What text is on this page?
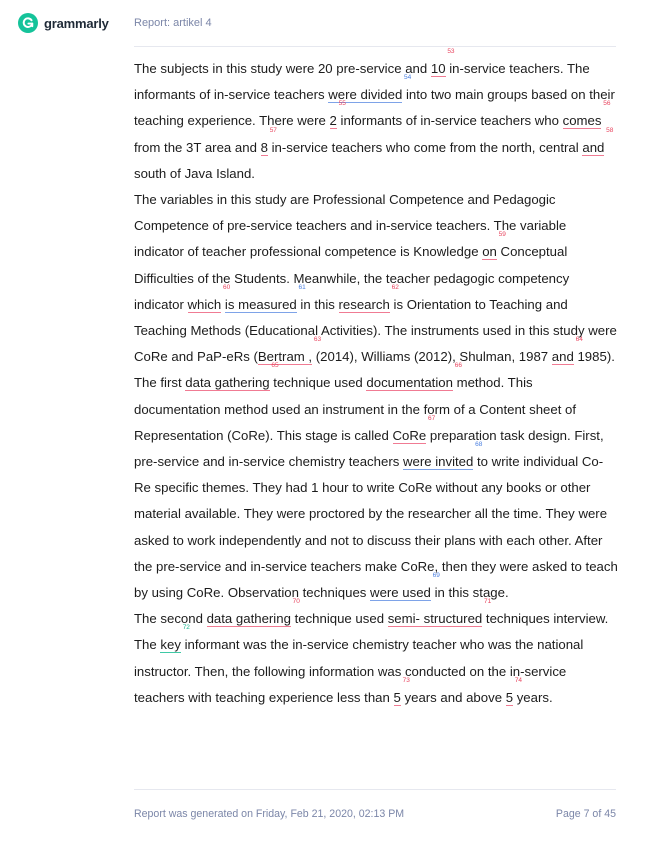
grammarly Report: artikel 4

The subjects in this study were 20 pre-service and 10
53
in-service teachers. The informants of in-service teachers were divided
54
into two main groups based on their teaching experience. There were 2
55
informants of in-service teachers who comes
56
from the 3T area and 8
57
in-service teachers who come from the north, central and
58
south of Java Island.

The variables in this study are Professional Competence and Pedagogic Competence of pre-service teachers and in-service teachers. The variable indicator of teacher professional competence is Knowledge on
59
Conceptual Difficulties of the Students. Meanwhile, the teacher pedagogic competency indicator which
60
is measured
61
in this research
62
is Orientation to Teaching and Teaching Methods (Educational Activities). The instruments used in this study were CoRe and PaP-eRs (Bertram ,
63
(2014), Williams (2012), Shulman, 1987 and
64
1985).

The first data gathering
65
technique used documentation
66
method. This documentation method used an instrument in the form of a Content sheet of Representation (CoRe). This stage is called CoRe
67
preparation task design. First, pre-service and in-service chemistry teachers were invited
68
to write individual Co- Re specific themes. They had 1 hour to write CoRe without any books or other material available. They were proctored by the researcher all the time. They were asked to work independently and not to discuss their plans with each other. After the pre-service and in-service teachers make CoRe, then they were asked to teach by using CoRe. Observation techniques were used
69
in this stage.

The second data gathering
70
technique used semi- structured
71
techniques interview. The key
72
informant was the in-service chemistry teacher who was the national instructor. Then, the following information was conducted on the in-service teachers with teaching experience less than 5
73
years and above 5
74
years.

Report was generated on Friday, Feb 21, 2020, 02:13 PM	Page 7 of 45
